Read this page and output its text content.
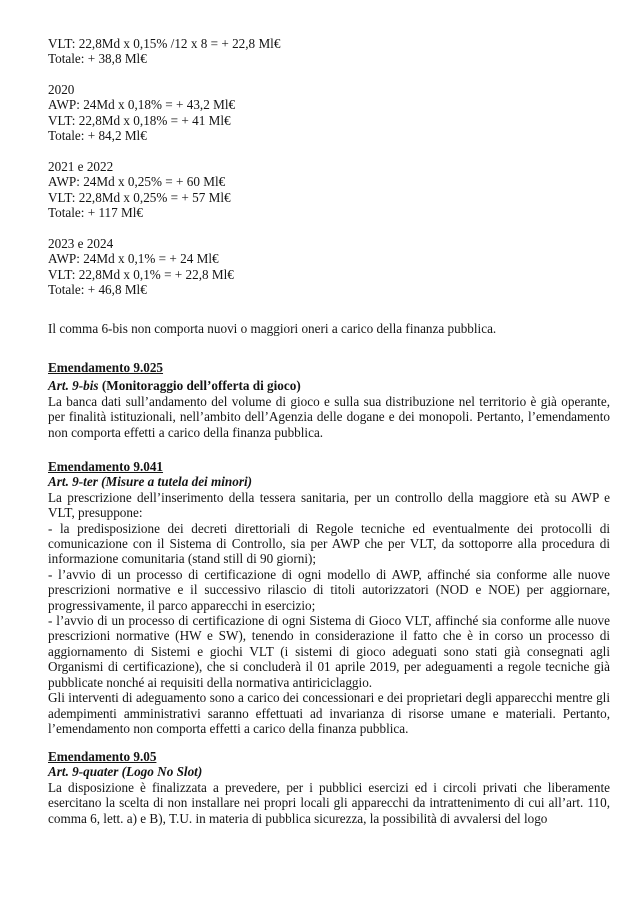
VLT: 22,8Md x 0,15% /12 x 8 = + 22,8 Ml€
Totale: + 38,8 Ml€
2020
AWP: 24Md x 0,18% = + 43,2 Ml€
VLT: 22,8Md x 0,18% = + 41 Ml€
Totale: + 84,2 Ml€
2021 e 2022
AWP: 24Md x 0,25% = + 60 Ml€
VLT: 22,8Md x 0,25% = + 57 Ml€
Totale: + 117 Ml€
2023 e 2024
AWP: 24Md x 0,1% = + 24 Ml€
VLT: 22,8Md x 0,1% = + 22,8 Ml€
Totale: + 46,8 Ml€
Il comma 6-bis non comporta nuovi o maggiori oneri a carico della finanza pubblica.
Emendamento 9.025
Art. 9-bis (Monitoraggio dell’offerta di gioco)

La banca dati sull’andamento del volume di gioco e sulla sua distribuzione nel territorio è già operante, per finalità istituzionali, nell’ambito dell’Agenzia delle dogane e dei monopoli. Pertanto, l’emendamento non comporta effetti a carico della finanza pubblica.

Emendamento 9.041
Art. 9-ter (Misure a tutela dei minori)

La prescrizione dell’inserimento della tessera sanitaria, per un controllo della maggiore età su AWP e VLT, presuppone:

- la predisposizione dei decreti direttoriali di Regole tecniche ed eventualmente dei protocolli di comunicazione con il Sistema di Controllo, sia per AWP che per VLT, da sottoporre alla procedura di informazione comunitaria (stand still di 90 giorni);

- l’avvio di un processo di certificazione di ogni modello di AWP, affinché sia conforme alle nuove prescrizioni normative e il successivo rilascio di titoli autorizzatori (NOD e NOE) per aggiornare, progressivamente, il parco apparecchi in esercizio;

- l’avvio di un processo di certificazione di ogni Sistema di Gioco VLT, affinché sia conforme alle nuove prescrizioni normative (HW e SW), tenendo in considerazione il fatto che è in corso un processo di aggiornamento di Sistemi e giochi VLT (i sistemi di gioco adeguati sono stati già consegnati agli Organismi di certificazione), che si concluderà il 01 aprile 2019, per adeguamenti a regole tecniche già pubblicate nonché ai requisiti della normativa antiriciclaggio.

Gli interventi di adeguamento sono a carico dei concessionari e dei proprietari degli apparecchi mentre gli adempimenti amministrativi saranno effettuati ad invarianza di risorse umane e materiali. Pertanto, l’emendamento non comporta effetti a carico della finanza pubblica.

Emendamento 9.05
Art. 9-quater (Logo No Slot)

La disposizione è finalizzata a prevedere, per i pubblici esercizi ed i circoli privati che liberamente esercitano la scelta di non installare nei propri locali gli apparecchi da intrattenimento di cui all’art. 110, comma 6, lett. a) e B), T.U. in materia di pubblica sicurezza, la possibilità di avvalersi del logo
